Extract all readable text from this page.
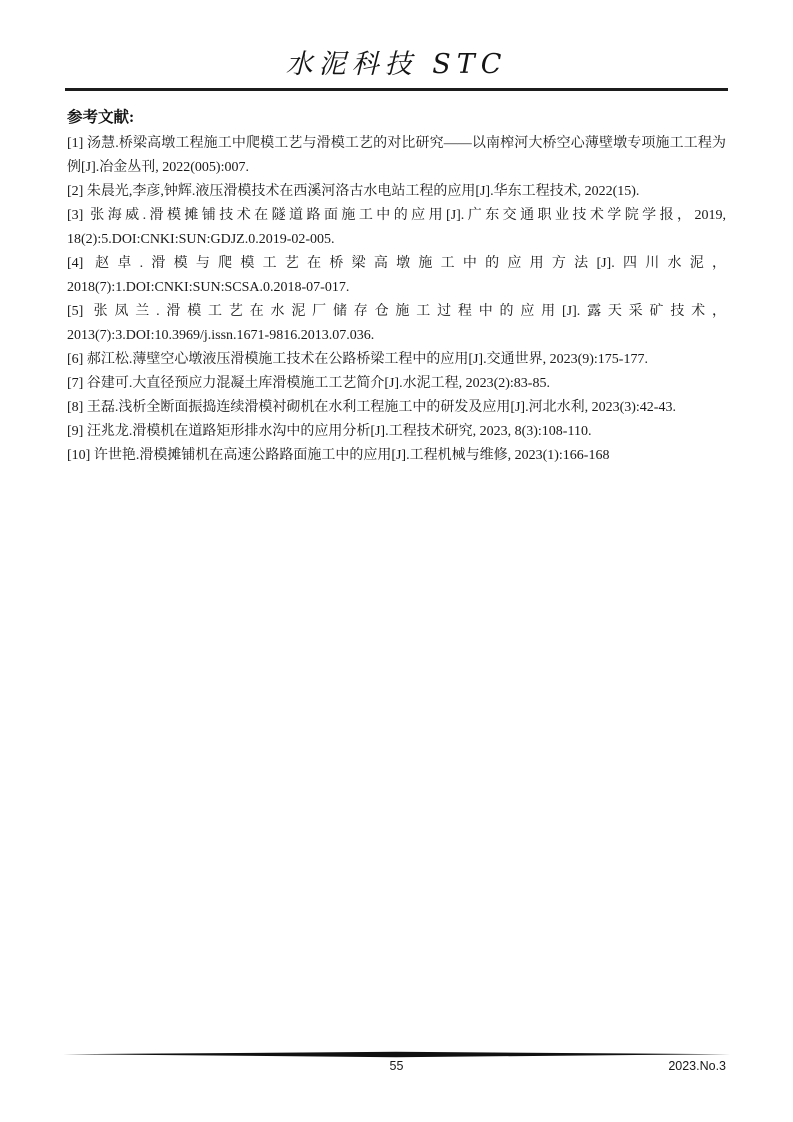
水泥科技 STC
参考文献:
[1] 汤慧.桥梁高墩工程施工中爬模工艺与滑模工艺的对比研究——以南榨河大桥空心薄壁墩专项施工工程为
例[J].冶金丛刊, 2022(005):007.
[2] 朱晨光,李彦,钟辉.液压滑模技术在西溪河洛古水电站工程的应用[J].华东工程技术, 2022(15).
[3] 张海威.滑模摊铺技术在隧道路面施工中的应用[J].广东交通职业技术学院学报，2019,
18(2):5.DOI:CNKI:SUN:GDJZ.0.2019-02-005.
[4] 赵卓.滑模与爬模工艺在桥梁高墩施工中的应用方法[J].四川水泥，
2018(7):1.DOI:CNKI:SUN:SCSA.0.2018-07-017.
[5] 张凤兰.滑模工艺在水泥厂储存仓施工过程中的应用[J].露天采矿技术，
2013(7):3.DOI:10.3969/j.issn.1671-9816.2013.07.036.
[6] 郝江松.薄壁空心墩液压滑模施工技术在公路桥梁工程中的应用[J].交通世界, 2023(9):175-177.
[7] 谷建可.大直径预应力混凝土库滑模施工工艺简介[J].水泥工程, 2023(2):83-85.
[8] 王磊.浅析全断面振捣连续滑模衬砌机在水利工程施工中的研发及应用[J].河北水利, 2023(3):42-43.
[9] 汪兆龙.滑模机在道路矩形排水沟中的应用分析[J].工程技术研究, 2023, 8(3):108-110.
[10] 许世艳.滑模摊铺机在高速公路路面施工中的应用[J].工程机械与维修, 2023(1):166-168
55	2023.No.3
